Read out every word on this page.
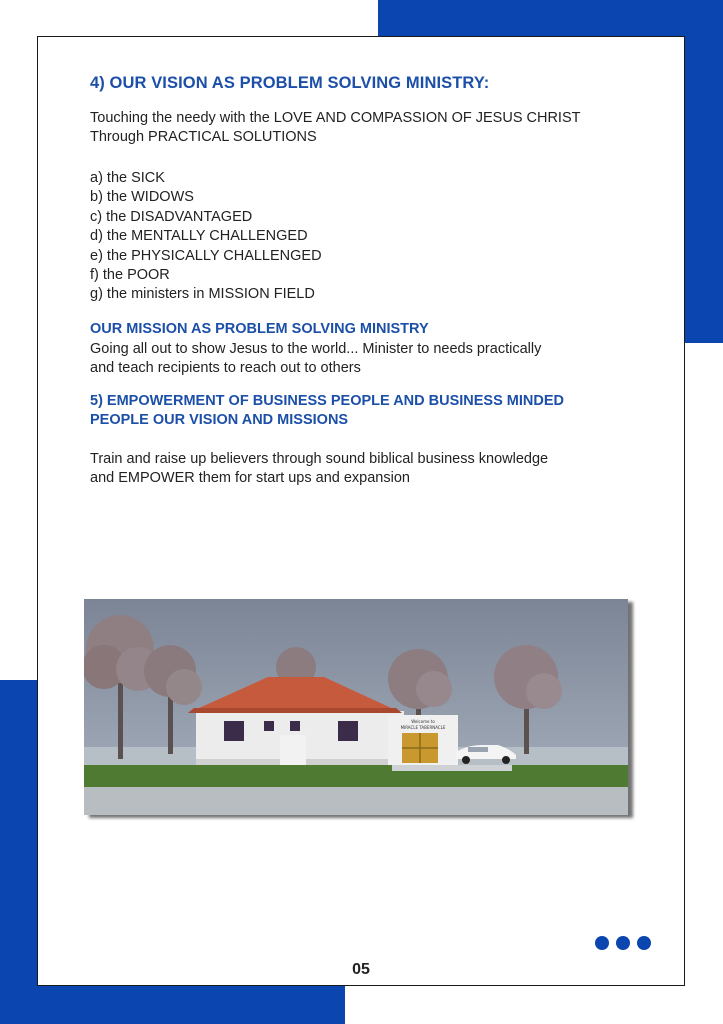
4) OUR VISION AS PROBLEM SOLVING MINISTRY:

Touching the needy with the LOVE AND COMPASSION OF JESUS CHRIST
Through PRACTICAL SOLUTIONS

a) the SICK
b) the WIDOWS
c) the DISADVANTAGED
d) the MENTALLY CHALLENGED
e) the PHYSICALLY CHALLENGED
f) the POOR
g) the ministers in MISSION FIELD
OUR MISSION AS PROBLEM SOLVING MINISTRY

Going all out to show Jesus to the world... Minister to needs practically
and teach recipients to reach out to others

5) EMPOWERMENT OF BUSINESS PEOPLE AND BUSINESS MINDED
PEOPLE OUR VISION AND MISSIONS

Train and raise up believers through sound biblical business knowledge
and EMPOWER them for start ups and expansion

Welcome to
MIRACLE TABERNACLE

05
